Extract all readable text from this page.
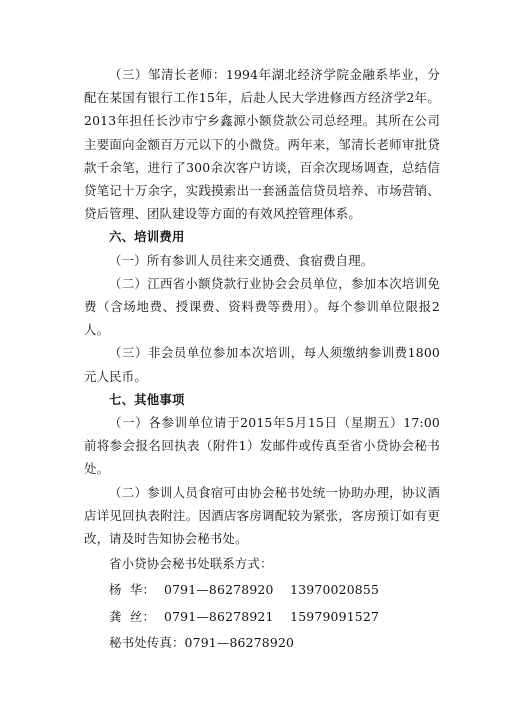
（三）邹清长老师：1994年湖北经济学院金融系毕业，分配在某国有银行工作15年，后赴人民大学进修西方经济学2年。2013年担任长沙市宁乡鑫源小额贷款公司总经理。其所在公司主要面向金额百万元以下的小微贷。两年来，邹清长老师审批贷款千余笔，进行了300余次客户访谈，百余次现场调查，总结信贷笔记十万余字，实践摸索出一套涵盖信贷员培养、市场营销、贷后管理、团队建设等方面的有效风控管理体系。

六、培训费用

（一）所有参训人员往来交通费、食宿费自理。

（二）江西省小额贷款行业协会会员单位，参加本次培训免费（含场地费、授课费、资料费等费用）。每个参训单位限报2人。

（三）非会员单位参加本次培训，每人须缴纳参训费1800元人民币。

七、其他事项

（一）各参训单位请于2015年5月15日（星期五）17:00前将参会报名回执表（附件1）发邮件或传真至省小贷协会秘书处。

（二）参训人员食宿可由协会秘书处统一协助办理，协议酒店详见回执表附注。因酒店客房调配较为紧张，客房预订如有更改，请及时告知协会秘书处。

省小贷协会秘书处联系方式：

杨  华： 0791—86278920    13970020855
龚  丝： 0791—86278921    15979091527
秘书处传真： 0791—86278920
